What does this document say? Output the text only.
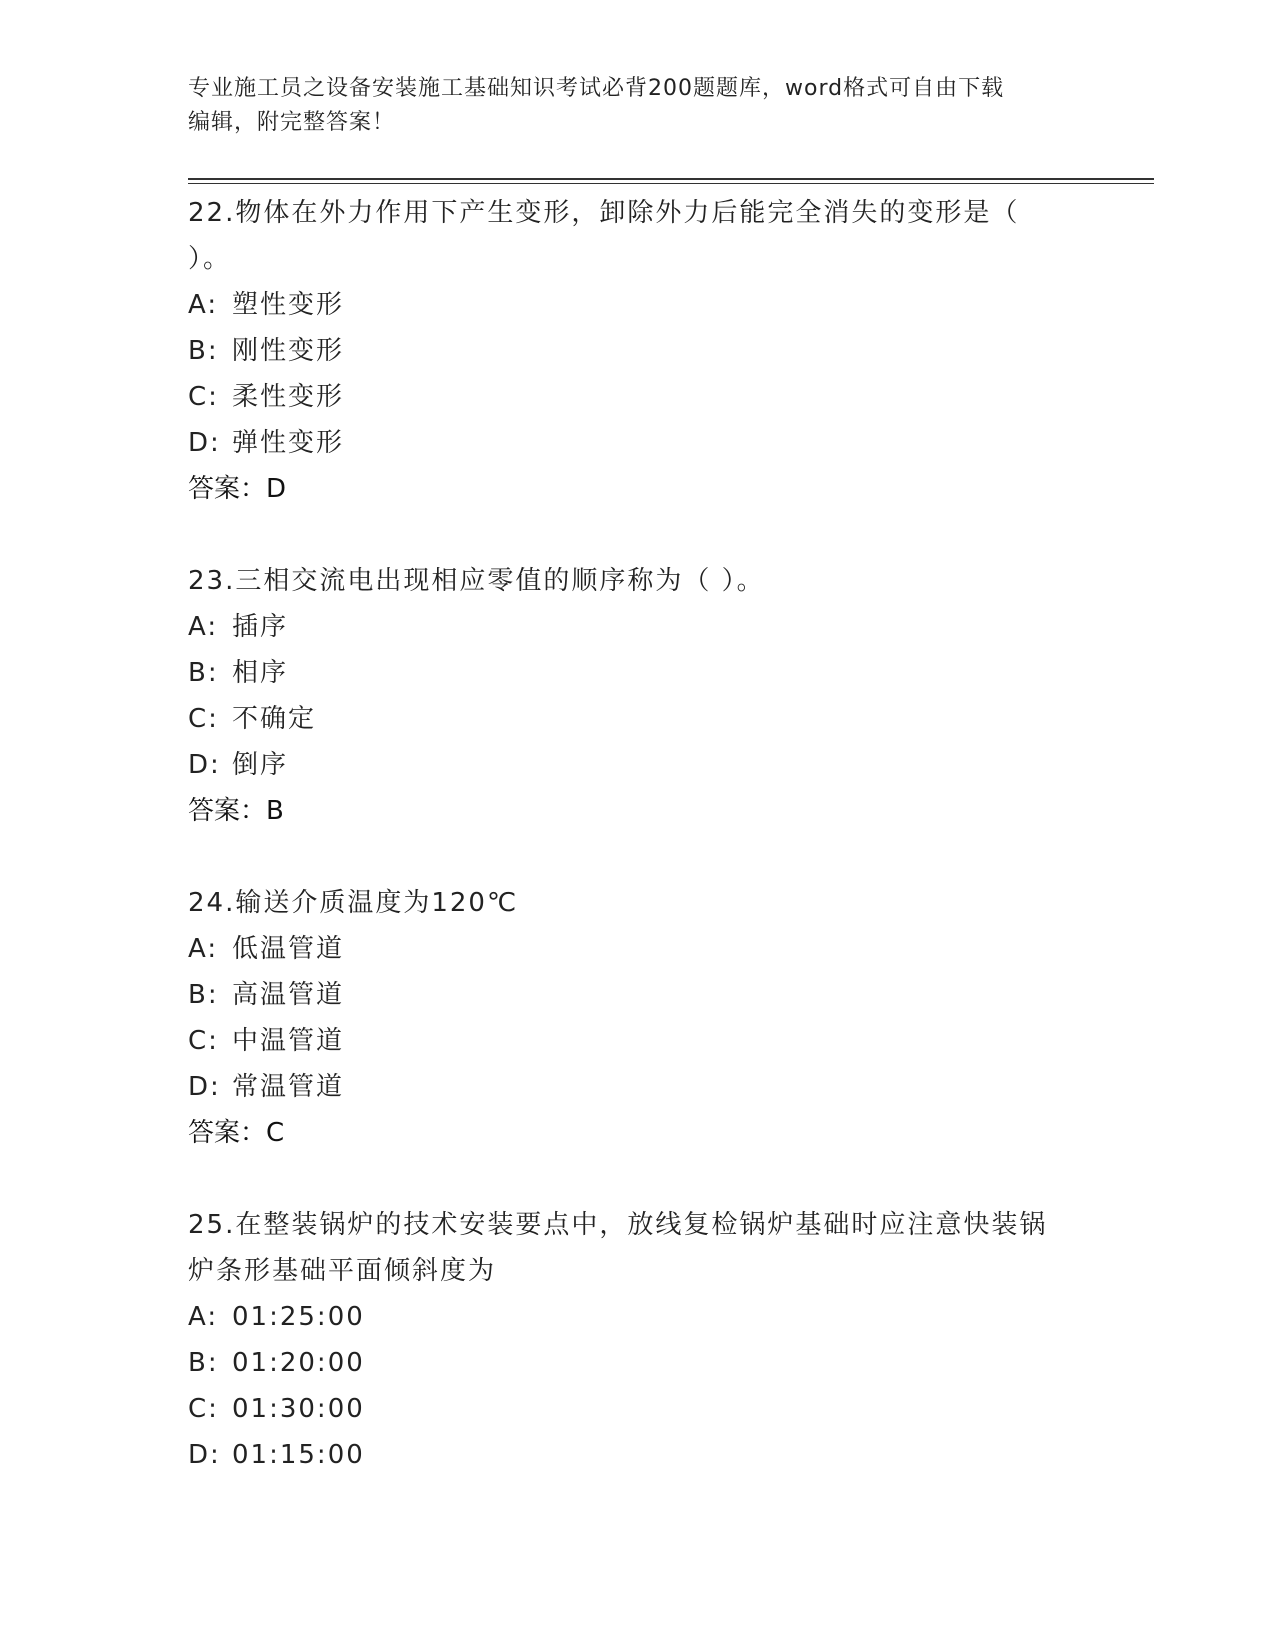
专业施工员之设备安装施工基础知识考试必背200题题库，word格式可自由下载
编辑，附完整答案！
22.物体在外力作用下产生变形，卸除外力后能完全消失的变形是（
）。
A: 塑性变形
B: 刚性变形
C: 柔性变形
D: 弹性变形
答案：D
23.三相交流电出现相应零值的顺序称为（ ）。
A: 插序
B: 相序
C: 不确定
D: 倒序
答案：B
24.输送介质温度为120℃
A: 低温管道
B: 高温管道
C: 中温管道
D: 常温管道
答案：C
25.在整装锅炉的技术安装要点中，放线复检锅炉基础时应注意快装锅
炉条形基础平面倾斜度为
A: 01:25:00
B: 01:20:00
C: 01:30:00
D: 01:15:00
